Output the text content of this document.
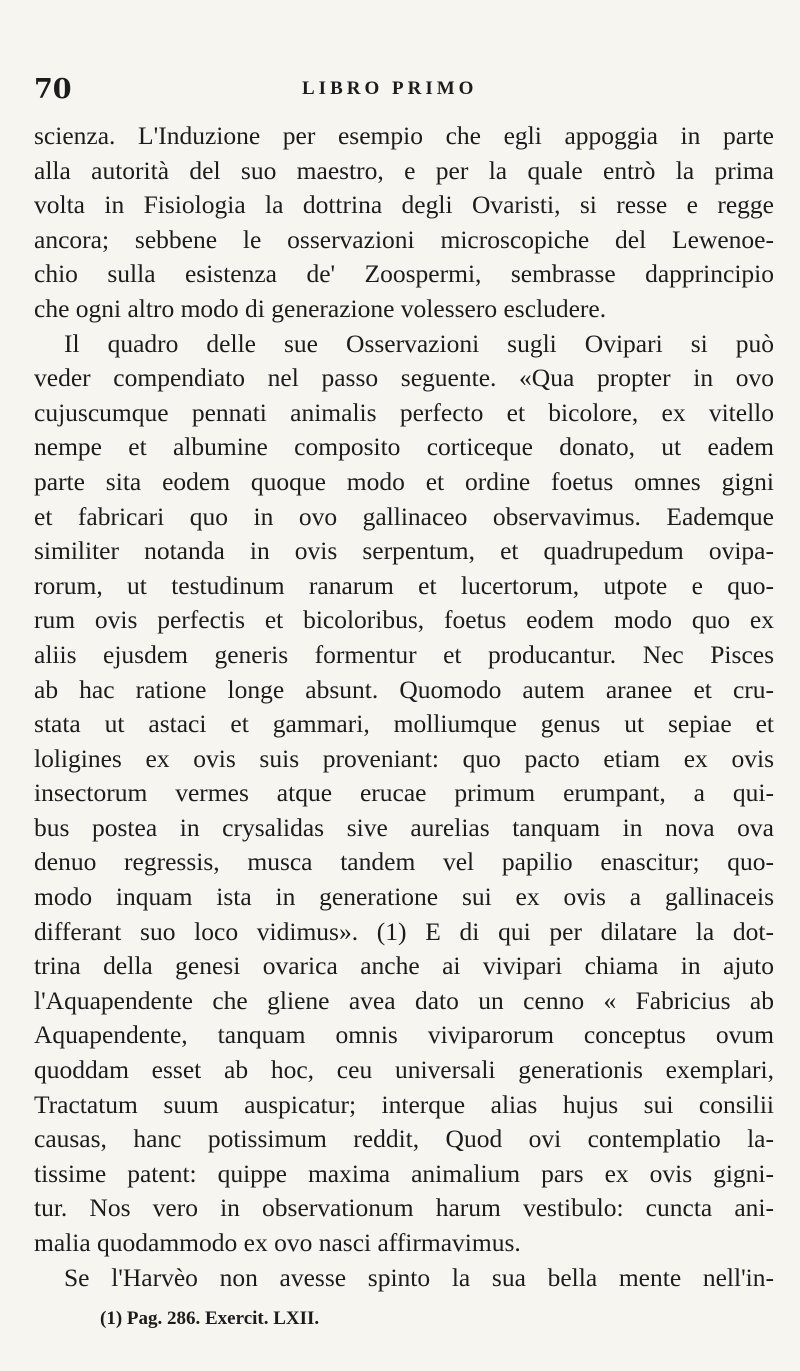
70	LIBRO PRIMO
scienza. L'Induzione per esempio che egli appoggia in parte
alla autorità del suo maestro, e per la quale entrò la prima
volta in Fisiologia la dottrina degli Ovaristi, si resse e regge
ancora; sebbene le osservazioni microscopiche del Lewenoe-
chio sulla esistenza de' Zoospermi, sembrasse dapprincipio
che ogni altro modo di generazione volessero escludere.
Il quadro delle sue Osservazioni sugli Ovipari si può
veder compendiato nel passo seguente. «Qua propter in ovo
cujuscumque pennati animalis perfecto et bicolore, ex vitello
nempe et albumine composito corticeque donato, ut eadem
parte sita eodem quoque modo et ordine foetus omnes gigni
et fabricari quo in ovo gallinaceo observavimus. Eademque
similiter notanda in ovis serpentum, et quadrupedum ovipa-
rorum, ut testudinum ranarum et lucertorum, utpote e quo-
rum ovis perfectis et bicoloribus, foetus eodem modo quo ex
aliis ejusdem generis formentur et producantur. Nec Pisces
ab hac ratione longe absunt. Quomodo autem aranee et cru-
stata ut astaci et gammari, molliumque genus ut sepiae et
loligines ex ovis suis proveniant: quo pacto etiam ex ovis
insectorum vermes atque erucae primum erumpant, a qui-
bus postea in crysalidas sive aurelias tanquam in nova ova
denuo regressis, musca tandem vel papilio enascitur; quo-
modo inquam ista in generatione sui ex ovis a gallinaceis
differant suo loco vidimus». (1) E di qui per dilatare la dot-
trina della genesi ovarica anche ai vivipari chiama in ajuto
l'Aquapendente che gliene avea dato un cenno « Fabricius ab
Aquapendente, tanquam omnis viviparorum conceptus ovum
quoddam esset ab hoc, ceu universali generationis exemplari,
Tractatum suum auspicatur; interque alias hujus sui consilii
causas, hanc potissimum reddit, Quod ovi contemplatio la-
tissime patent: quippe maxima animalium pars ex ovis gigni-
tur. Nos vero in observationum harum vestibulo: cuncta ani-
malia quodammodo ex ovo nasci affirmavimus.
Se l'Harvèo non avesse spinto la sua bella mente nell'in-
(1) Pag. 286. Exercit. LXII.
